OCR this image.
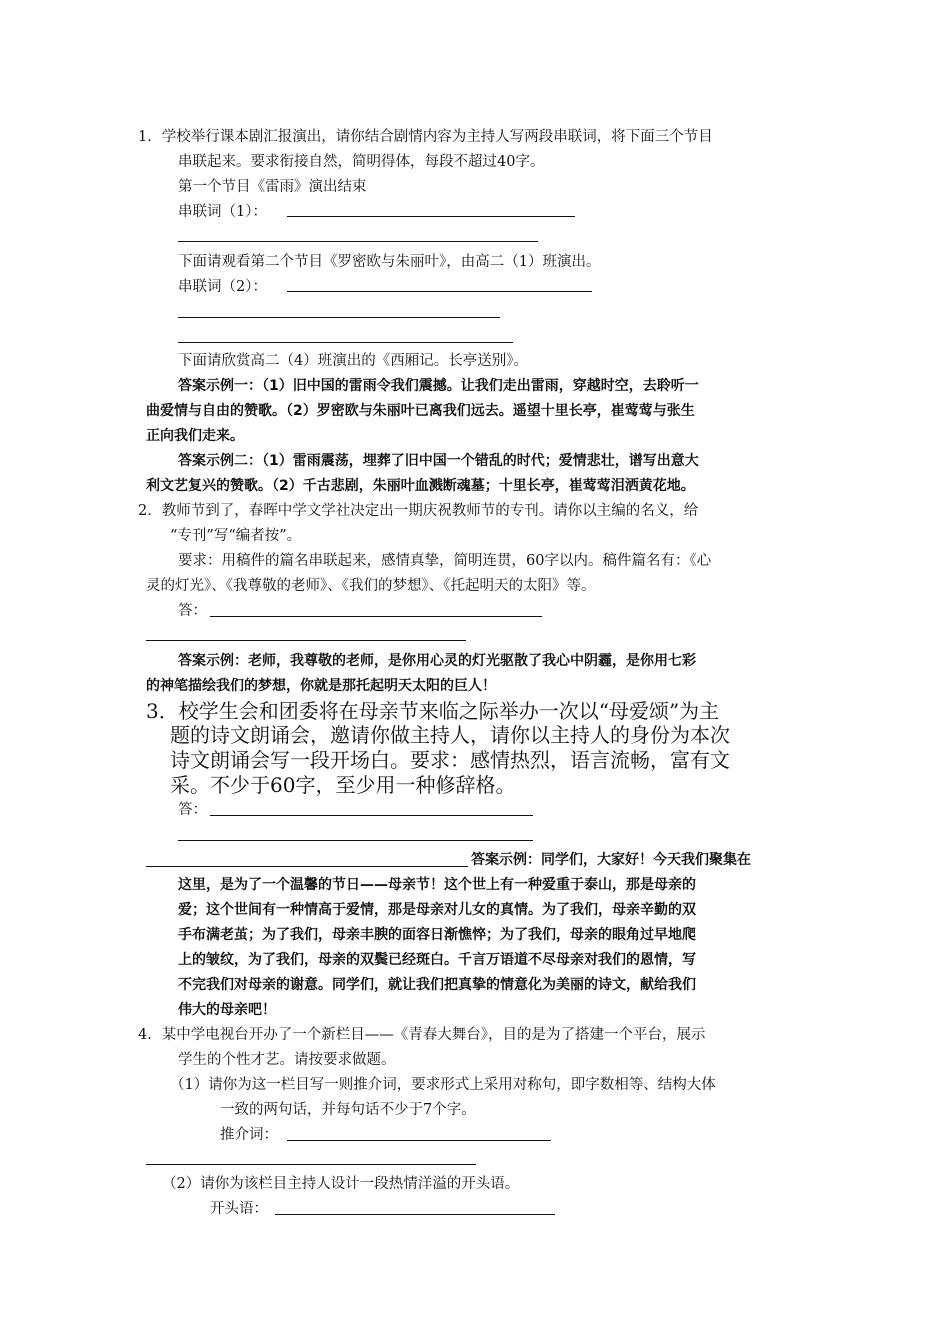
1．学校举行课本剧汇报演出，请你结合剧情内容为主持人写两段串联词，将下面三个节目
串联起来。要求衔接自然，简明得体，每段不超过40字。
第一个节目《雷雨》演出结束
串联词（1）：
下面请观看第二个节目《罗密欧与朱丽叶》，由高二（1）班演出。
串联词（2）：
下面请欣赏高二（4）班演出的《西厢记。长亭送别》。
答案示例一：（1）旧中国的雷雨令我们震撼。让我们走出雷雨，穿越时空，去聆听一
曲爱情与自由的赞歌。（2）罗密欧与朱丽叶已离我们远去。遥望十里长亭，崔莺莺与张生
正向我们走来。
答案示例二：（1）雷雨震荡，埋葬了旧中国一个错乱的时代；爱情悲壮，谱写出意大
利文艺复兴的赞歌。（2）千古悲剧，朱丽叶血溅断魂墓；十里长亭，崔莺莺泪洒黄花地。
2．教师节到了，春晖中学文学社决定出一期庆祝教师节的专刊。请你以主编的名义，给
“专刊”写“编者按”。
要求：用稿件的篇名串联起来，感情真挚，简明连贯，60字以内。稿件篇名有：《心
灵的灯光》、《我尊敬的老师》、《我们的梦想》、《托起明天的太阳》等。
答：
答案示例：老师，我尊敬的老师，是你用心灵的灯光驱散了我心中阴霾，是你用七彩
的神笔描绘我们的梦想，你就是那托起明天太阳的巨人！
3．校学生会和团委将在母亲节来临之际举办一次以“母爱颂”为主
题的诗文朗诵会，邀请你做主持人，请你以主持人的身份为本次
诗文朗诵会写一段开场白。要求：感情热烈，语言流畅，富有文
采。不少于60字，至少用一种修辞格。
答：
答案示例：同学们，大家好！今天我们聚集在
这里，是为了一个温馨的节日——母亲节！这个世上有一种爱重于泰山，那是母亲的
爱；这个世间有一种情高于爱情，那是母亲对儿女的真情。为了我们，母亲辛勤的双
手布满老茧；为了我们，母亲丰腴的面容日渐憔悴；为了我们，母亲的眼角过早地爬
上的皱纹，为了我们，母亲的双鬓已经斑白。千言万语道不尽母亲对我们的恩情，写
不完我们对母亲的谢意。同学们，就让我们把真挚的情意化为美丽的诗文，献给我们
伟大的母亲吧！
4．某中学电视台开办了一个新栏目——《青春大舞台》，目的是为了搭建一个平台，展示
学生的个性才艺。请按要求做题。
（1）请你为这一栏目写一则推介词，要求形式上采用对称句，即字数相等、结构大体
一致的两句话，并每句话不少于7个字。
推介词：
（2）请你为该栏目主持人设计一段热情洋溢的开头语。
开头语：
